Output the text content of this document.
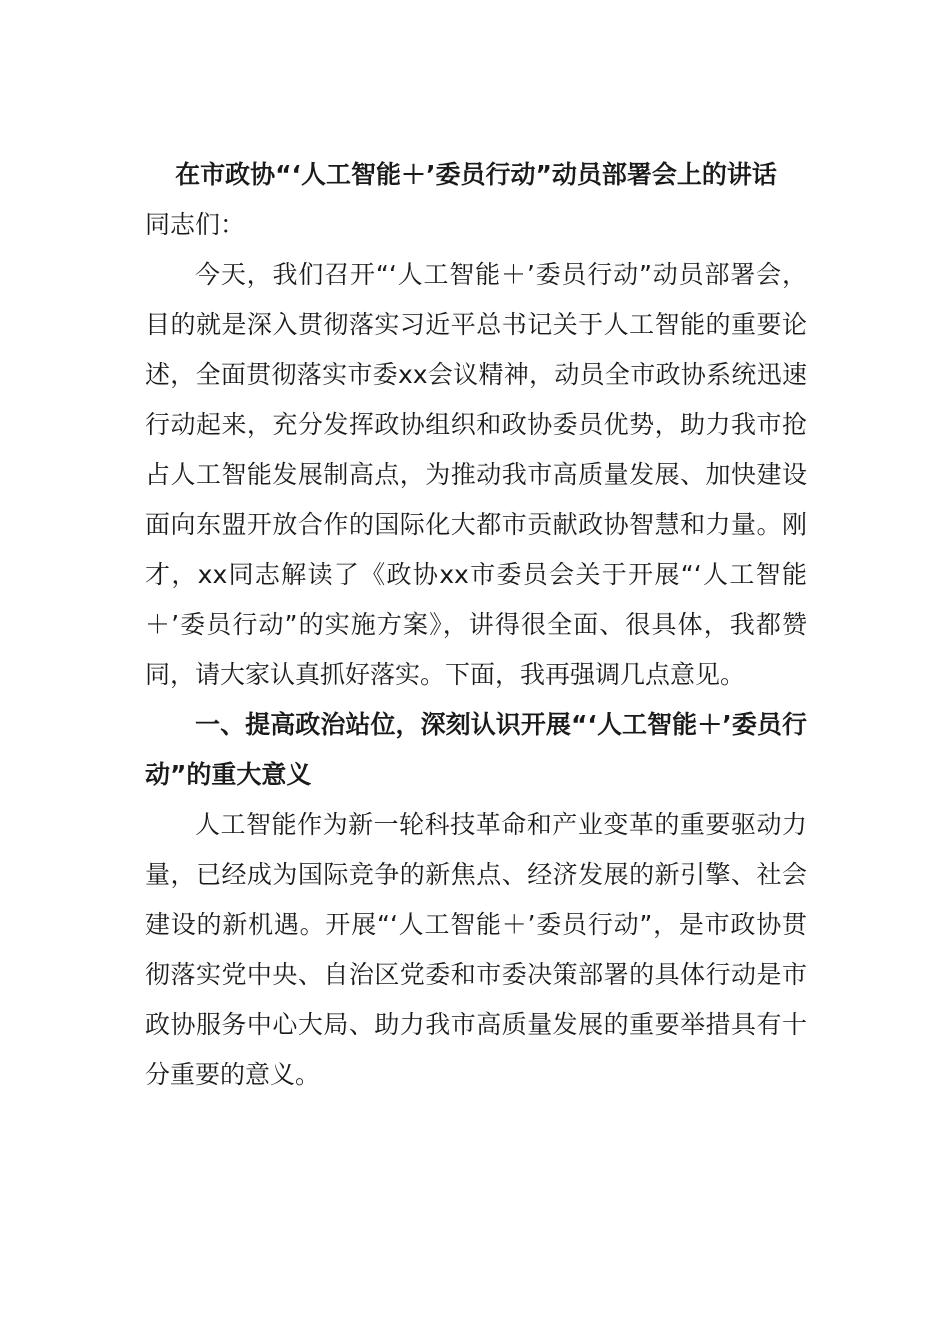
在市政协“‘人工智能＋’委员行动”动员部署会上的讲话

同志们：

今天，我们召开“‘人工智能＋’委员行动”动员部署会，目的就是深入贯彻落实习近平总书记关于人工智能的重要论述，全面贯彻落实市委xx会议精神，动员全市政协系统迅速行动起来，充分发挥政协组织和政协委员优势，助力我市抢占人工智能发展制高点，为推动我市高质量发展、加快建设面向东盟开放合作的国际化大都市贡献政协智慧和力量。刚才，xx同志解读了《政协xx市委员会关于开展“‘人工智能＋’委员行动”的实施方案》，讲得很全面、很具体，我都赞同，请大家认真抓好落实。下面，我再强调几点意见。

一、提高政治站位，深刻认识开展“‘人工智能＋’委员行动”的重大意义

人工智能作为新一轮科技革命和产业变革的重要驱动力量，已经成为国际竞争的新焦点、经济发展的新引擎、社会建设的新机遇。开展“‘人工智能＋’委员行动”，是市政协贯彻落实党中央、自治区党委和市委决策部署的具体行动是市政协服务中心大局、助力我市高质量发展的重要举措具有十分重要的意义。
